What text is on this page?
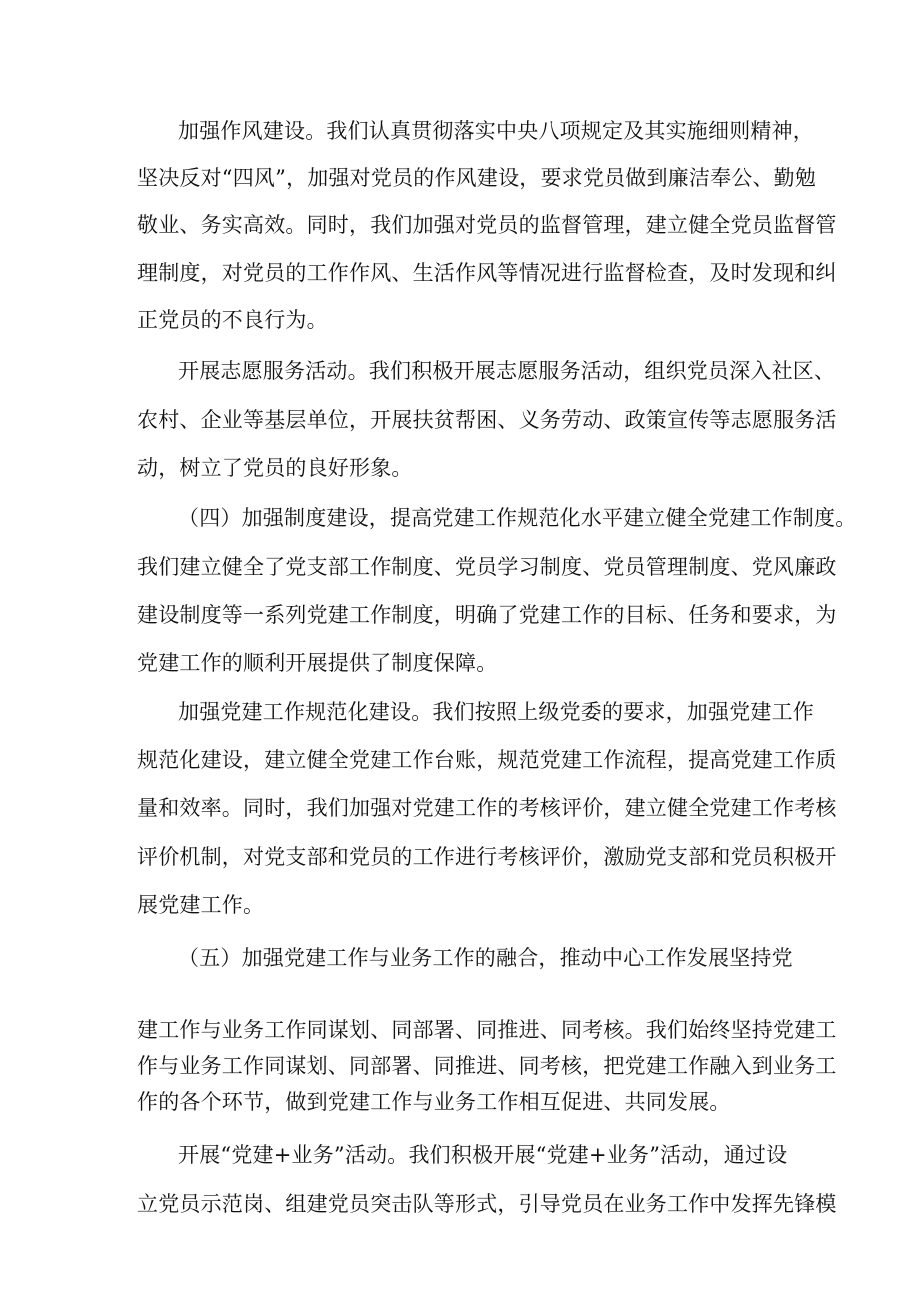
加强作风建设。我们认真贯彻落实中央八项规定及其实施细则精神，
坚决反对“四风”，加强对党员的作风建设，要求党员做到廉洁奉公、勤勉
敬业、务实高效。同时，我们加强对党员的监督管理，建立健全党员监督管
理制度，对党员的工作作风、生活作风等情况进行监督检查，及时发现和纠
正党员的不良行为。
开展志愿服务活动。我们积极开展志愿服务活动，组织党员深入社区、
农村、企业等基层单位，开展扶贫帮困、义务劳动、政策宣传等志愿服务活
动，树立了党员的良好形象。
（四）加强制度建设，提高党建工作规范化水平建立健全党建工作制度。
我们建立健全了党支部工作制度、党员学习制度、党员管理制度、党风廉政
建设制度等一系列党建工作制度，明确了党建工作的目标、任务和要求，为
党建工作的顺利开展提供了制度保障。
加强党建工作规范化建设。我们按照上级党委的要求，加强党建工作
规范化建设，建立健全党建工作台账，规范党建工作流程，提高党建工作质
量和效率。同时，我们加强对党建工作的考核评价，建立健全党建工作考核
评价机制，对党支部和党员的工作进行考核评价，激励党支部和党员积极开
展党建工作。
（五）加强党建工作与业务工作的融合，推动中心工作发展坚持党
建工作与业务工作同谋划、同部署、同推进、同考核。我们始终坚持党建工
作与业务工作同谋划、同部署、同推进、同考核，把党建工作融入到业务工
作的各个环节，做到党建工作与业务工作相互促进、共同发展。
开展“党建+业务”活动。我们积极开展“党建+业务”活动，通过设
立党员示范岗、组建党员突击队等形式，引导党员在业务工作中发挥先锋模
